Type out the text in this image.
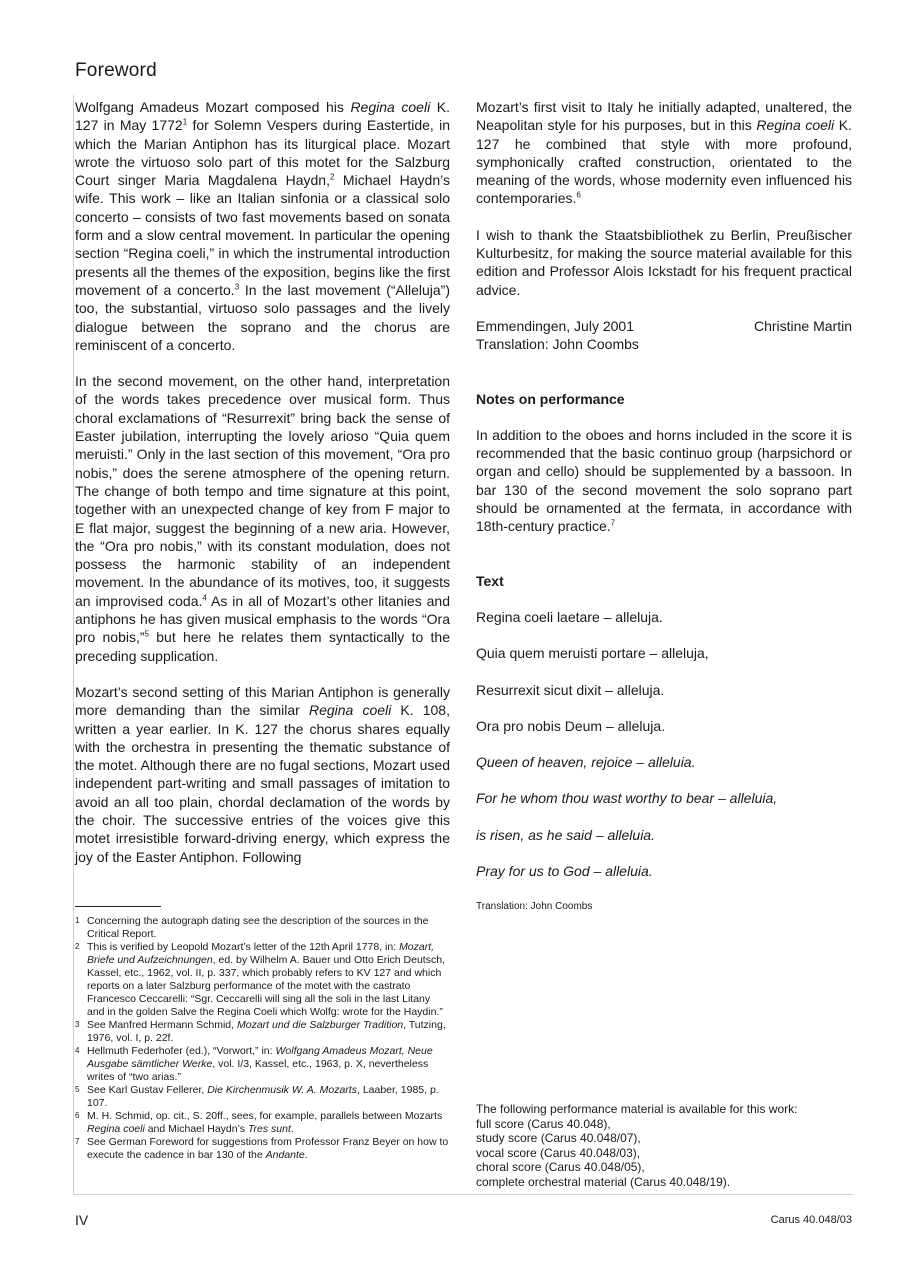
Foreword

Wolfgang Amadeus Mozart composed his Regina coeli K. 127 in May 1772$^1$ for Solemn Vespers during Eastertide, in which the Marian Antiphon has its liturgical place. Mozart wrote the virtuoso solo part of this motet for the Salzburg Court singer Maria Magdalena Haydn,$^2$ Michael Haydn’s wife. This work – like an Italian sinfonia or a classical solo concerto – consists of two fast movements based on sonata form and a slow central movement. In particular the opening section “Regina coeli,” in which the instrumental introduction presents all the themes of the exposition, begins like the first movement of a concerto.$^3$ In the last movement (“Alleluja”) too, the substantial, virtuoso solo passages and the lively dialogue between the soprano and the chorus are reminiscent of a concerto.

In the second movement, on the other hand, interpretation of the words takes precedence over musical form. Thus choral exclamations of “Resurrexit” bring back the sense of Easter jubilation, interrupting the lovely arioso “Quia quem meruisti.” Only in the last section of this movement, “Ora pro nobis,” does the serene atmosphere of the opening return. The change of both tempo and time signature at this point, together with an unexpected change of key from F major to E flat major, suggest the beginning of a new aria. However, the “Ora pro nobis,” with its constant modulation, does not possess the harmonic stability of an independent movement. In the abundance of its motives, too, it suggests an improvised coda.$^4$ As in all of Mozart’s other litanies and antiphons he has given musical emphasis to the words “Ora pro nobis,”$^5$ but here he relates them syntactically to the preceding supplication.

Mozart’s second setting of this Marian Antiphon is generally more demanding than the similar Regina coeli K. 108, written a year earlier. In K. 127 the chorus shares equally with the orchestra in presenting the thematic substance of the motet. Although there are no fugal sections, Mozart used independent part-writing and small passages of imitation to avoid an all too plain, chordal declamation of the words by the choir. The successive entries of the voices give this motet irresistible forward-driving energy, which express the joy of the Easter Antiphon. Following

Mozart’s first visit to Italy he initially adapted, unaltered, the Neapolitan style for his purposes, but in this Regina coeli K. 127 he combined that style with more profound, symphonically crafted construction, orientated to the meaning of the words, whose modernity even influenced his contemporaries.$^6$

I wish to thank the Staatsbibliothek zu Berlin, Preußischer Kulturbesitz, for making the source material available for this edition and Professor Alois Ickstadt for his frequent practical advice.

Emmendingen, July 2001	Christine Martin
Translation: John Coombs

Notes on performance

In addition to the oboes and horns included in the score it is recommended that the basic continuo group (harpsichord or organ and cello) should be supplemented by a bassoon. In bar 130 of the second movement the solo soprano part should be ornamented at the fermata, in accordance with 18th-century practice.$^7$

Text

Regina coeli laetare – alleluja.

Quia quem meruisti portare – alleluja,

Resurrexit sicut dixit – alleluja.

Ora pro nobis Deum – alleluja.

Queen of heaven, rejoice – alleluia.

For he whom thou wast worthy to bear – alleluia,

is risen, as he said – alleluia.

Pray for us to God – alleluia.

Translation: John Coombs
1 Concerning the autograph dating see the description of the sources in the Critical Report.
2 This is verified by Leopold Mozart’s letter of the 12th April 1778, in: Mozart, Briefe und Aufzeichnungen, ed. by Wilhelm A. Bauer und Otto Erich Deutsch, Kassel, etc., 1962, vol. II, p. 337, which probably refers to KV 127 and which reports on a later Salzburg performance of the motet with the castrato Francesco Ceccarelli: “Sgr. Ceccarelli will sing all the soli in the last Litany and in the golden Salve the Regina Coeli which Wolfg: wrote for the Haydin.”
3 See Manfred Hermann Schmid, Mozart und die Salzburger Tradition, Tutzing, 1976, vol. I, p. 22f.
4 Hellmuth Federhofer (ed.), “Vorwort,” in: Wolfgang Amadeus Mozart, Neue Ausgabe sämtlicher Werke, vol. I/3, Kassel, etc., 1963, p. X, nevertheless writes of “two arias.”
5 See Karl Gustav Fellerer, Die Kirchenmusik W. A. Mozarts, Laaber, 1985, p. 107.
6 M. H. Schmid, op. cit., S. 20ff., sees, for example, parallels between Mozarts Regina coeli and Michael Haydn’s Tres sunt.
7 See German Foreword for suggestions from Professor Franz Beyer on how to execute the cadence in bar 130 of the Andante.

The following performance material is available for this work:

full score (Carus 40.048),

study score (Carus 40.048/07),

vocal score (Carus 40.048/03),

choral score (Carus 40.048/05),

complete orchestral material (Carus 40.048/19).

IV	Carus 40.048/03
